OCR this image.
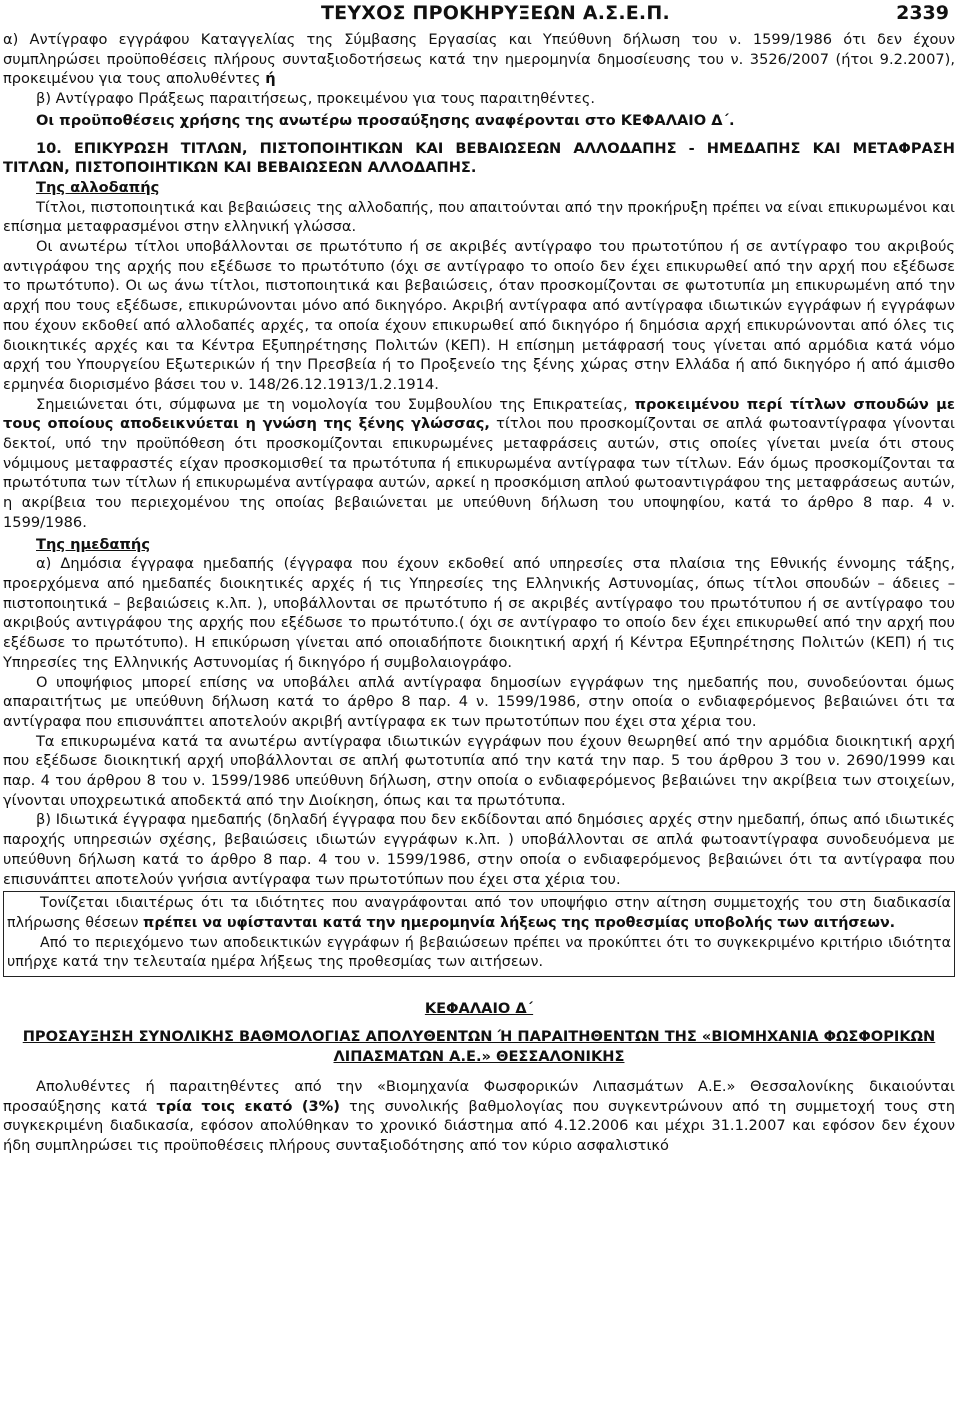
ΤΕΥΧΟΣ ΠΡΟΚΗΡΥΞΕΩΝ Α.Σ.Ε.Π.	2339

α) Αντίγραφο εγγράφου Καταγγελίας της Σύμβασης Εργασίας και Υπεύθυνη δήλωση του ν. 1599/1986 ότι δεν έχουν συμπληρώσει προϋποθέσεις πλήρους συνταξιοδοτήσεως κατά την ημερομηνία δημοσίευσης του ν. 3526/2007 (ήτοι 9.2.2007), προκειμένου για τους απολυθέντες ή

β) Αντίγραφο Πράξεως παραιτήσεως, προκειμένου για τους παραιτηθέντες.

Οι προϋποθέσεις χρήσης της ανωτέρω προσαύξησης αναφέρονται στο ΚΕΦΑΛΑΙΟ Δ΄.

10. ΕΠΙΚΥΡΩΣΗ ΤΙΤΛΩΝ, ΠΙΣΤΟΠΟΙΗΤΙΚΩΝ ΚΑΙ ΒΕΒΑΙΩΣΕΩΝ ΑΛΛΟΔΑΠΗΣ - ΗΜΕΔΑΠΗΣ ΚΑΙ ΜΕΤΑΦΡΑΣΗ ΤΙΤΛΩΝ, ΠΙΣΤΟΠΟΙΗΤΙΚΩΝ ΚΑΙ ΒΕΒΑΙΩΣΕΩΝ ΑΛΛΟΔΑΠΗΣ.

Της αλλοδαπής

Τίτλοι, πιστοποιητικά και βεβαιώσεις της αλλοδαπής, που απαιτούνται από την προκήρυξη πρέπει να είναι επικυρωμένοι και επίσημα μεταφρασμένοι στην ελληνική γλώσσα.

Οι ανωτέρω τίτλοι υποβάλλονται σε πρωτότυπο ή σε ακριβές αντίγραφο του πρωτοτύπου ή σε αντίγραφο του ακριβούς αντιγράφου της αρχής που εξέδωσε το πρωτότυπο (όχι σε αντίγραφο το οποίο δεν έχει επικυρωθεί από την αρχή που εξέδωσε το πρωτότυπο). Οι ως άνω τίτλοι, πιστοποιητικά και βεβαιώσεις, όταν προσκομίζονται σε φωτοτυπία μη επικυρωμένη από την αρχή που τους εξέδωσε, επικυρώνονται μόνο από δικηγόρο. Ακριβή αντίγραφα από αντίγραφα ιδιωτικών εγγράφων ή εγγράφων που έχουν εκδοθεί από αλλοδαπές αρχές, τα οποία έχουν επικυρωθεί από δικηγόρο ή δημόσια αρχή επικυρώνονται από όλες τις διοικητικές αρχές και τα Κέντρα Εξυπηρέτησης Πολιτών (ΚΕΠ). Η επίσημη μετάφρασή τους γίνεται από αρμόδια κατά νόμο αρχή του Υπουργείου Εξωτερικών ή την Πρεσβεία ή το Προξενείο της ξένης χώρας στην Ελλάδα ή από δικηγόρο ή από άμισθο ερμηνέα διορισμένο βάσει του ν. 148/26.12.1913/1.2.1914.

Σημειώνεται ότι, σύμφωνα με τη νομολογία του Συμβουλίου της Επικρατείας, προκειμένου περί τίτλων σπουδών με τους οποίους αποδεικνύεται η γνώση της ξένης γλώσσας, τίτλοι που προσκομίζονται σε απλά φωτοαντίγραφα γίνονται δεκτοί, υπό την προϋπόθεση ότι προσκομίζονται επικυρωμένες μεταφράσεις αυτών, στις οποίες γίνεται μνεία ότι στους νόμιμους μεταφραστές είχαν προσκομισθεί τα πρωτότυπα ή επικυρωμένα αντίγραφα των τίτλων. Εάν όμως προσκομίζονται τα πρωτότυπα των τίτλων ή επικυρωμένα αντίγραφα αυτών, αρκεί η προσκόμιση απλού φωτοαντιγράφου της μεταφράσεως αυτών, η ακρίβεια του περιεχομένου της οποίας βεβαιώνεται με υπεύθυνη δήλωση του υποψηφίου, κατά το άρθρο 8 παρ. 4 ν. 1599/1986.

Της ημεδαπής

α) Δημόσια έγγραφα ημεδαπής (έγγραφα που έχουν εκδοθεί από υπηρεσίες στα πλαίσια της Εθνικής έννομης τάξης, προερχόμενα από ημεδαπές διοικητικές αρχές ή τις Υπηρεσίες της Ελληνικής Αστυνομίας, όπως τίτλοι σπουδών – άδειες – πιστοποιητικά – βεβαιώσεις κ.λπ. ), υποβάλλονται σε πρωτότυπο ή σε ακριβές αντίγραφο του πρωτότυπου ή σε αντίγραφο του ακριβούς αντιγράφου της αρχής που εξέδωσε το πρωτότυπο.( όχι σε αντίγραφο το οποίο δεν έχει επικυρωθεί από την αρχή που εξέδωσε το πρωτότυπο). Η επικύρωση γίνεται από οποιαδήποτε διοικητική αρχή ή Κέντρα Εξυπηρέτησης Πολιτών (ΚΕΠ) ή τις Υπηρεσίες της Ελληνικής Αστυνομίας ή δικηγόρο ή συμβολαιογράφο.

Ο υποψήφιος μπορεί επίσης να υποβάλει απλά αντίγραφα δημοσίων εγγράφων της ημεδαπής που, συνοδεύονται όμως απαραιτήτως με υπεύθυνη δήλωση κατά το άρθρο 8 παρ. 4 ν. 1599/1986, στην οποία ο ενδιαφερόμενος βεβαιώνει ότι τα αντίγραφα που επισυνάπτει αποτελούν ακριβή αντίγραφα εκ των πρωτοτύπων που έχει στα χέρια του.

Τα επικυρωμένα κατά τα ανωτέρω αντίγραφα ιδιωτικών εγγράφων που έχουν θεωρηθεί από την αρμόδια διοικητική αρχή που εξέδωσε διοικητική αρχή υποβάλλονται σε απλή φωτοτυπία από την κατά την παρ. 5 του άρθρου 3 του ν. 2690/1999 και παρ. 4 του άρθρου 8 του ν. 1599/1986 υπεύθυνη δήλωση, στην οποία ο ενδιαφερόμενος βεβαιώνει την ακρίβεια των στοιχείων, γίνονται υποχρεωτικά αποδεκτά από την Διοίκηση, όπως και τα πρωτότυπα.

β) Ιδιωτικά έγγραφα ημεδαπής (δηλαδή έγγραφα που δεν εκδίδονται από δημόσιες αρχές στην ημεδαπή, όπως από ιδιωτικές παροχής υπηρεσιών σχέσης, βεβαιώσεις ιδιωτών εγγράφων κ.λπ. ) υποβάλλονται σε απλά φωτοαντίγραφα συνοδευόμενα με υπεύθυνη δήλωση κατά το άρθρο 8 παρ. 4 του ν. 1599/1986, στην οποία ο ενδιαφερόμενος βεβαιώνει ότι τα αντίγραφα που επισυνάπτει αποτελούν γνήσια αντίγραφα των πρωτοτύπων που έχει στα χέρια του.

Τονίζεται ιδιαιτέρως ότι τα ιδιότητες που αναγράφονται από τον υποψήφιο στην αίτηση συμμετοχής του στη διαδικασία πλήρωσης θέσεων πρέπει να υφίστανται κατά την ημερομηνία λήξεως της προθεσμίας υποβολής των αιτήσεων.

Από το περιεχόμενο των αποδεικτικών εγγράφων ή βεβαιώσεων πρέπει να προκύπτει ότι το συγκεκριμένο κριτήριο ιδιότητα υπήρχε κατά την τελευταία ημέρα λήξεως της προθεσμίας των αιτήσεων.

ΚΕΦΑΛΑΙΟ Δ΄
ΠΡΟΣΑΥΞΗΣΗ ΣΥΝΟΛΙΚΗΣ ΒΑΘΜΟΛΟΓΙΑΣ ΑΠΟΛΥΘΕΝΤΩΝ Ή ΠΑΡΑΙΤΗΘΕΝΤΩΝ ΤΗΣ «ΒΙΟΜΗΧΑΝΙΑ ΦΩΣΦΟΡΙΚΩΝ ΛΙΠΑΣΜΑΤΩΝ Α.Ε.» ΘΕΣΣΑΛΟΝΙΚΗΣ

Απολυθέντες ή παραιτηθέντες από την «Βιομηχανία Φωσφορικών Λιπασμάτων Α.Ε.» Θεσσαλονίκης δικαιούνται προσαύξησης κατά τρία τοις εκατό (3%) της συνολικής βαθμολογίας που συγκεντρώνουν από τη συμμετοχή τους στη συγκεκριμένη διαδικασία, εφόσον απολύθηκαν το χρονικό διάστημα από 4.12.2006 και μέχρι 31.1.2007 και εφόσον δεν έχουν ήδη συμπληρώσει τις προϋποθέσεις πλήρους συνταξιοδότησης από τον κύριο ασφαλιστικό
